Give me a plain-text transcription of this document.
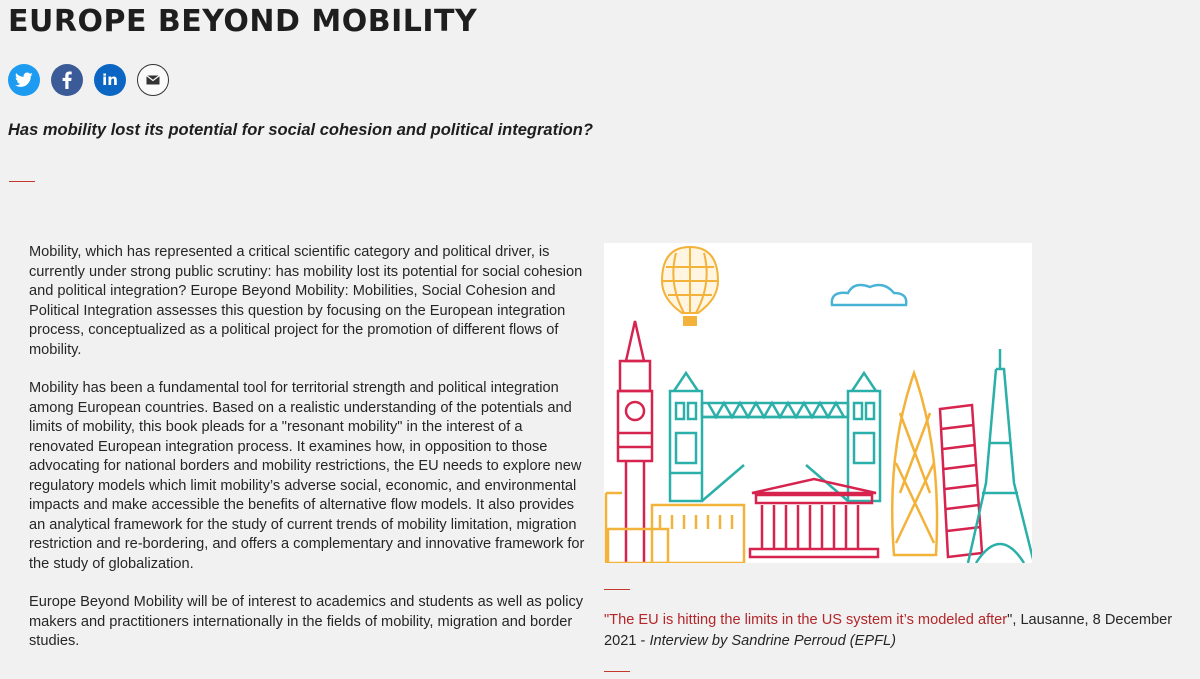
EUROPE BEYOND MOBILITY
in
Has mobility lost its potential for social cohesion and political integration?

Mobility, which has represented a critical scientific category and political driver, is currently under strong public scrutiny: has mobility lost its potential for social cohesion and political integration? Europe Beyond Mobility: Mobilities, Social Cohesion and Political Integration assesses this question by focusing on the European integration process, conceptualized as a political project for the promotion of different flows of mobility.

Mobility has been a fundamental tool for territorial strength and political integration among European countries. Based on a realistic understanding of the potentials and limits of mobility, this book pleads for a "resonant mobility" in the interest of a renovated European integration process. It examines how, in opposition to those advocating for national borders and mobility restrictions, the EU needs to explore new regulatory models which limit mobility’s adverse social, economic, and environmental impacts and make accessible the benefits of alternative flow models. It also provides an analytical framework for the study of current trends of mobility limitation, migration restriction and re-bordering, and offers a complementary and innovative framework for the study of globalization.

Europe Beyond Mobility will be of interest to academics and students as well as policy makers and practitioners internationally in the fields of mobility, migration and border studies.

"The EU is hitting the limits in the US system it’s modeled after", Lausanne, 8 December 2021 - Interview by Sandrine Perroud (EPFL)
